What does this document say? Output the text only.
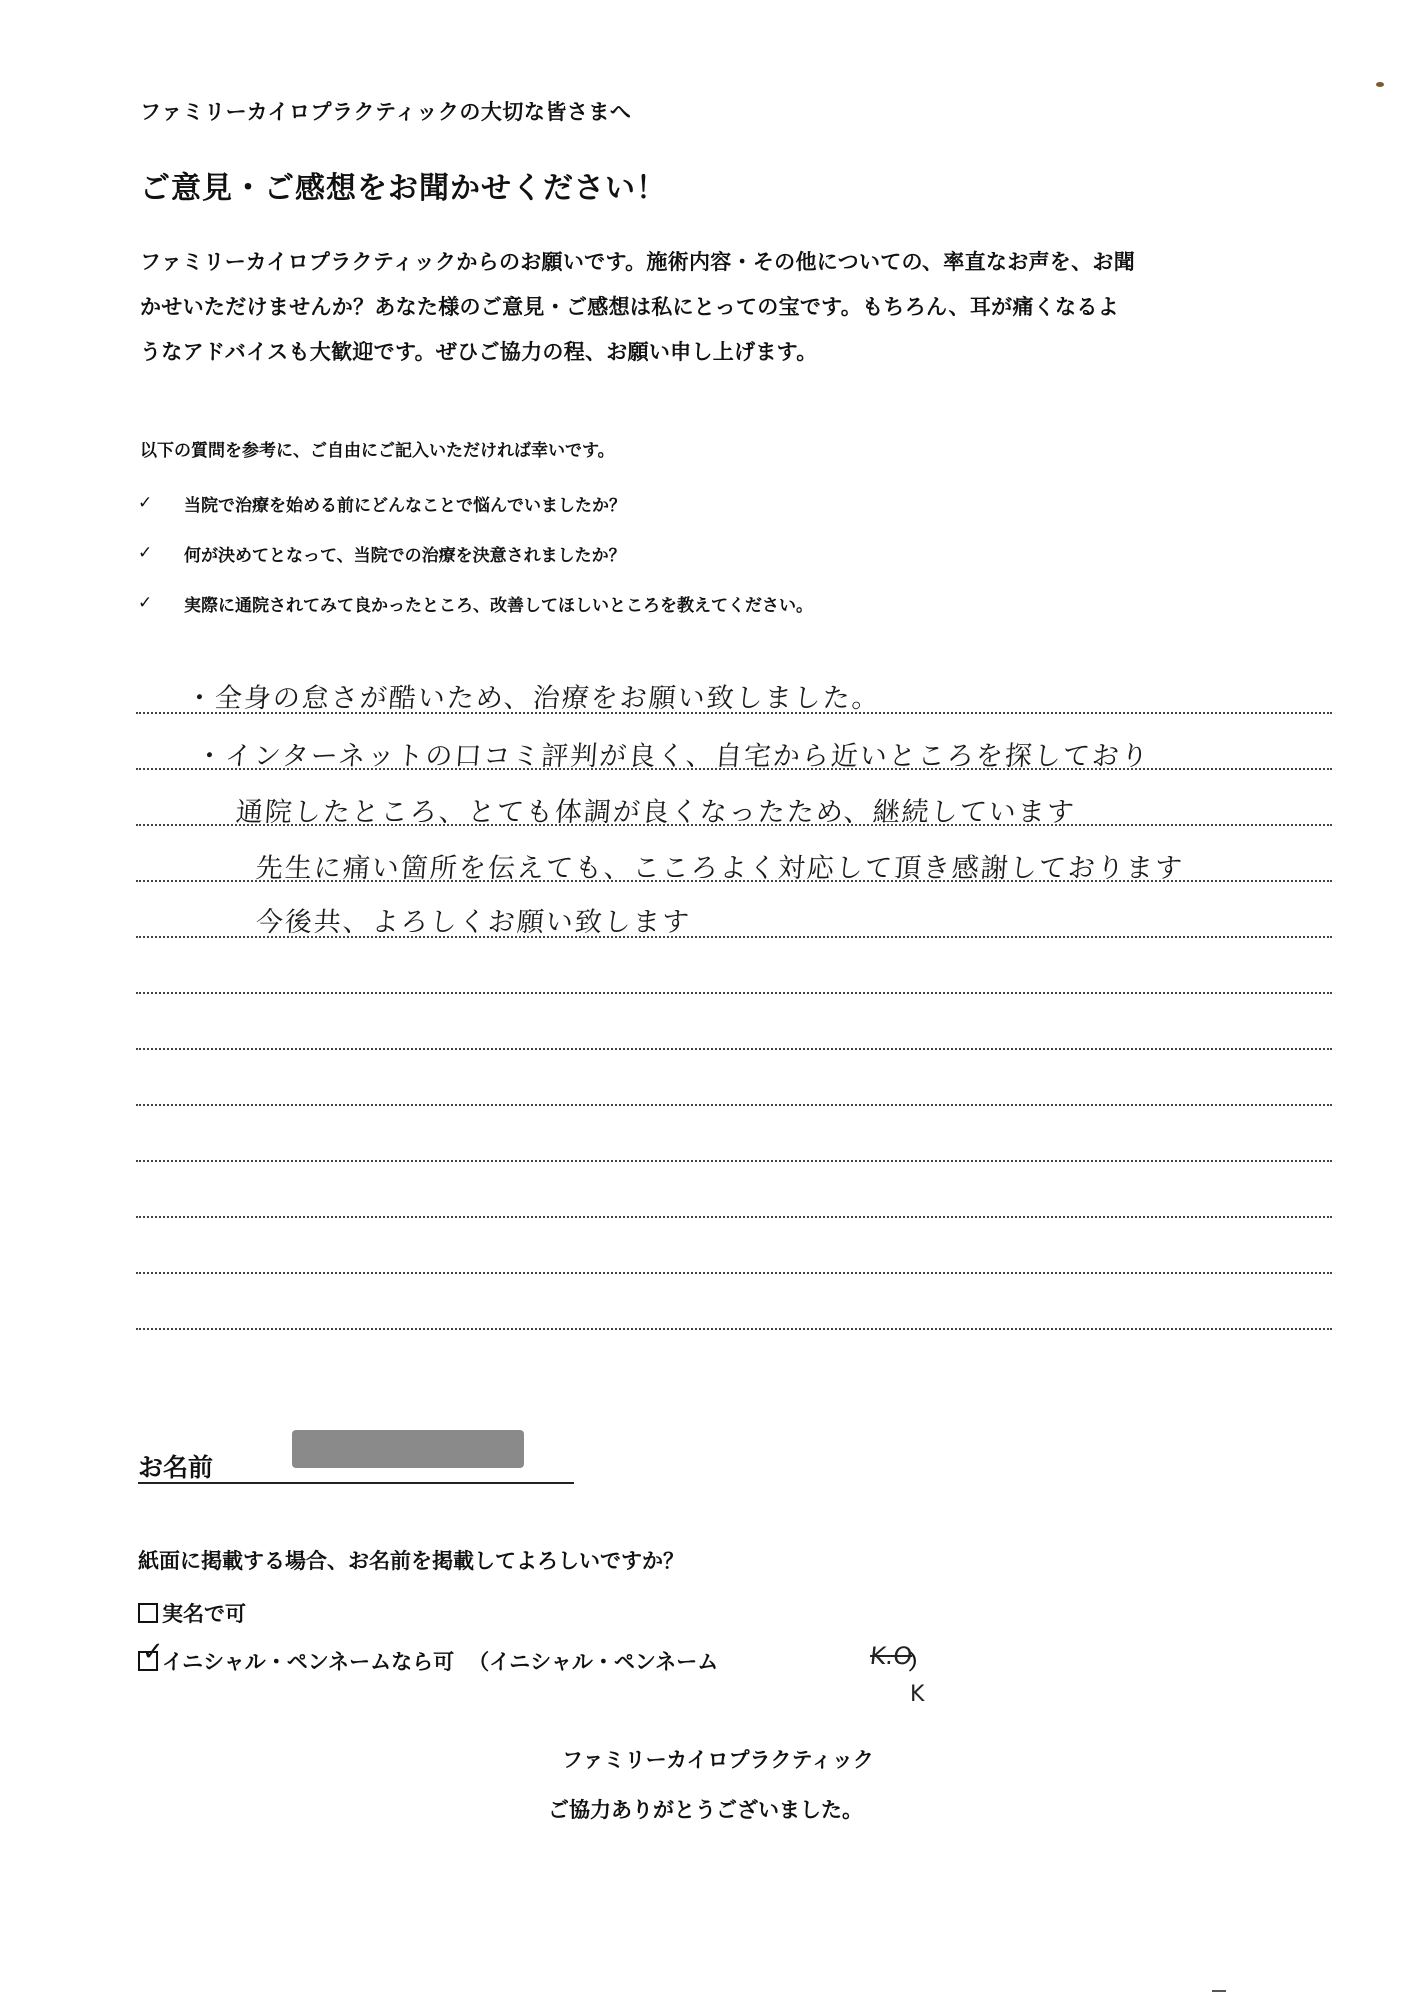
ファミリーカイロプラクティックの大切な皆さまへ
ご意見・ご感想をお聞かせください！

ファミリーカイロプラクティックからのお願いです。施術内容・その他についての、率直なお声を、お聞

かせいただけませんか？あなた様のご意見・ご感想は私にとっての宝です。もちろん、耳が痛くなるよ

うなアドバイスも大歓迎です。ぜひご協力の程、お願い申し上げます。

以下の質問を参考に、ご自由にご記入いただければ幸いです。
✓	当院で治療を始める前にどんなことで悩んでいましたか？
✓	何が決めてとなって、当院での治療を決意されましたか？
✓	実際に通院されてみて良かったところ、改善してほしいところを教えてください。
・全身の怠さが酷いため、治療をお願い致しました。
・インターネットの口コミ評判が良く、自宅から近いところを探しており
通院したところ、とても体調が良くなったため、継続しています
先生に痛い箇所を伝えても、こころよく対応して頂き感謝しております
今後共、よろしくお願い致します
お名前
紙面に掲載する場合、お名前を掲載してよろしいですか？
実名で可
✓
イニシャル・ペンネームなら可 （イニシャル・ペンネーム	）
K.O
K
ファミリーカイロプラクティック
ご協力ありがとうございました。
